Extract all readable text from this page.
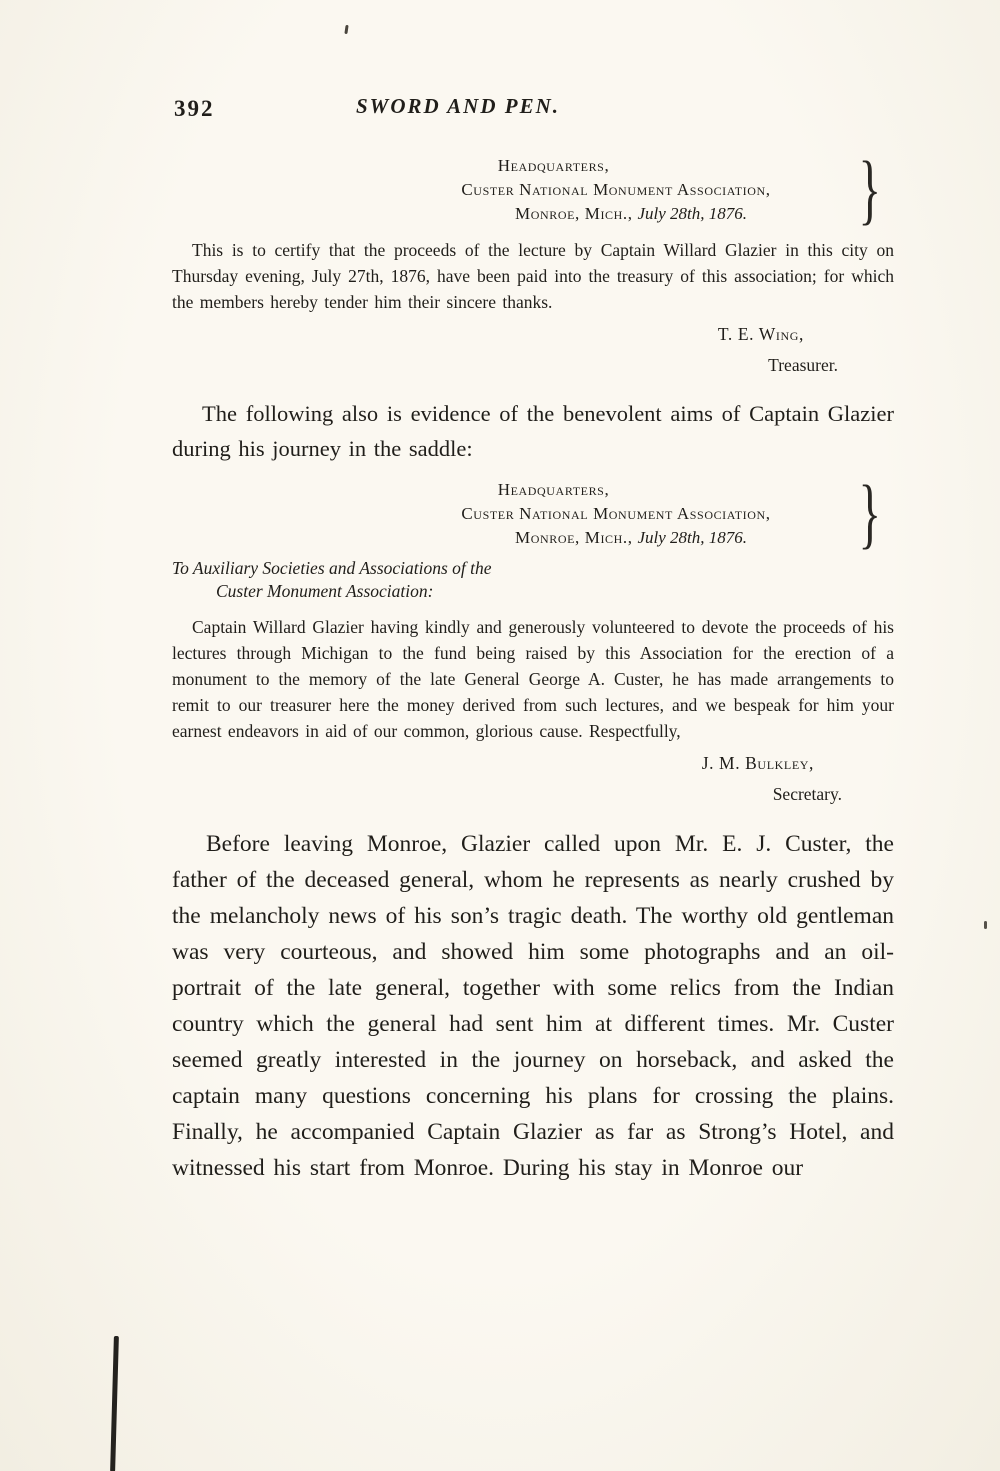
392	SWORD AND PEN.
Headquarters,
Custer National Monument Association,
Monroe, Mich., July 28th, 1876.	}

This is to certify that the proceeds of the lecture by Captain Willard Glazier in this city on Thursday evening, July 27th, 1876, have been paid into the treasury of this association; for which the members hereby tender him their sincere thanks.

T. E. Wing,
Treasurer.

The following also is evidence of the benevolent aims of Captain Glazier during his journey in the saddle:

Headquarters,
Custer National Monument Association,
Monroe, Mich., July 28th, 1876.	}
To Auxiliary Societies and Associations of the
Custer Monument Association:

Captain Willard Glazier having kindly and generously volunteered to devote the proceeds of his lectures through Michigan to the fund being raised by this Association for the erection of a monument to the memory of the late General George A. Custer, he has made arrangements to remit to our treasurer here the money derived from such lectures, and we bespeak for him your earnest endeavors in aid of our common, glorious cause. Respectfully,

J. M. Bulkley,
Secretary.

Before leaving Monroe, Glazier called upon Mr. E. J. Custer, the father of the deceased general, whom he represents as nearly crushed by the melancholy news of his son’s tragic death. The worthy old gentleman was very courteous, and showed him some photographs and an oil-portrait of the late general, together with some relics from the Indian country which the general had sent him at different times. Mr. Custer seemed greatly interested in the journey on horseback, and asked the captain many questions concerning his plans for crossing the plains. Finally, he accompanied Captain Glazier as far as Strong’s Hotel, and witnessed his start from Monroe. During his stay in Monroe our
